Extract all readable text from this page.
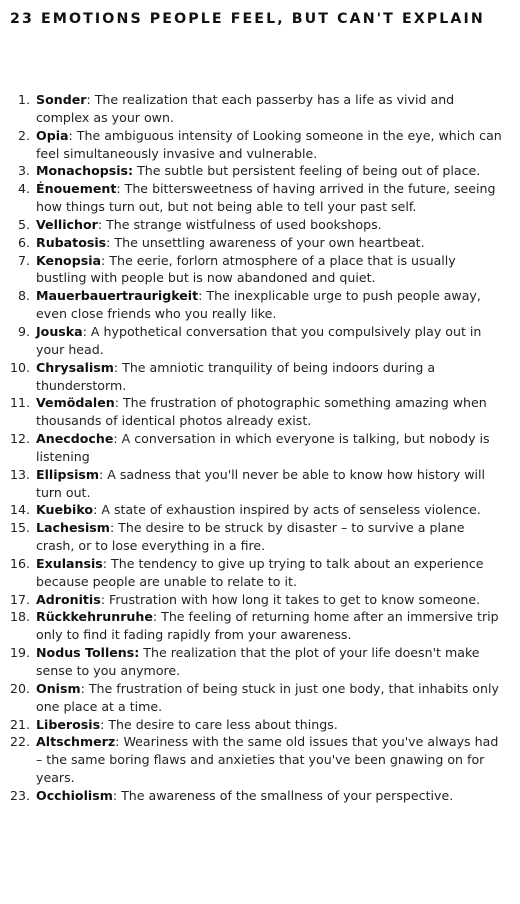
23 EMOTIONS PEOPLE FEEL, BUT CAN'T EXPLAIN
1. Sonder: The realization that each passerby has a life as vivid and complex as your own.
2. Opia: The ambiguous intensity of Looking someone in the eye, which can feel simultaneously invasive and vulnerable.
3. Monachopsis: The subtle but persistent feeling of being out of place.
4. Énouement: The bittersweetness of having arrived in the future, seeing how things turn out, but not being able to tell your past self.
5. Vellichor: The strange wistfulness of used bookshops.
6. Rubatosis: The unsettling awareness of your own heartbeat.
7. Kenopsia: The eerie, forlorn atmosphere of a place that is usually bustling with people but is now abandoned and quiet.
8. Mauerbauertraurigkeit: The inexplicable urge to push people away, even close friends who you really like.
9. Jouska: A hypothetical conversation that you compulsively play out in your head.
10. Chrysalism: The amniotic tranquility of being indoors during a thunderstorm.
11. Vemödalen: The frustration of photographic something amazing when thousands of identical photos already exist.
12. Anecdoche: A conversation in which everyone is talking, but nobody is listening
13. Ellipsism: A sadness that you'll never be able to know how history will turn out.
14. Kuebiko: A state of exhaustion inspired by acts of senseless violence.
15. Lachesism: The desire to be struck by disaster – to survive a plane crash, or to lose everything in a fire.
16. Exulansis: The tendency to give up trying to talk about an experience because people are unable to relate to it.
17. Adronitis: Frustration with how long it takes to get to know someone.
18. Rückkehrunruhe: The feeling of returning home after an immersive trip only to find it fading rapidly from your awareness.
19. Nodus Tollens: The realization that the plot of your life doesn't make sense to you anymore.
20. Onism: The frustration of being stuck in just one body, that inhabits only one place at a time.
21. Liberosis: The desire to care less about things.
22. Altschmerz: Weariness with the same old issues that you've always had – the same boring flaws and anxieties that you've been gnawing on for years.
23. Occhiolism: The awareness of the smallness of your perspective.
